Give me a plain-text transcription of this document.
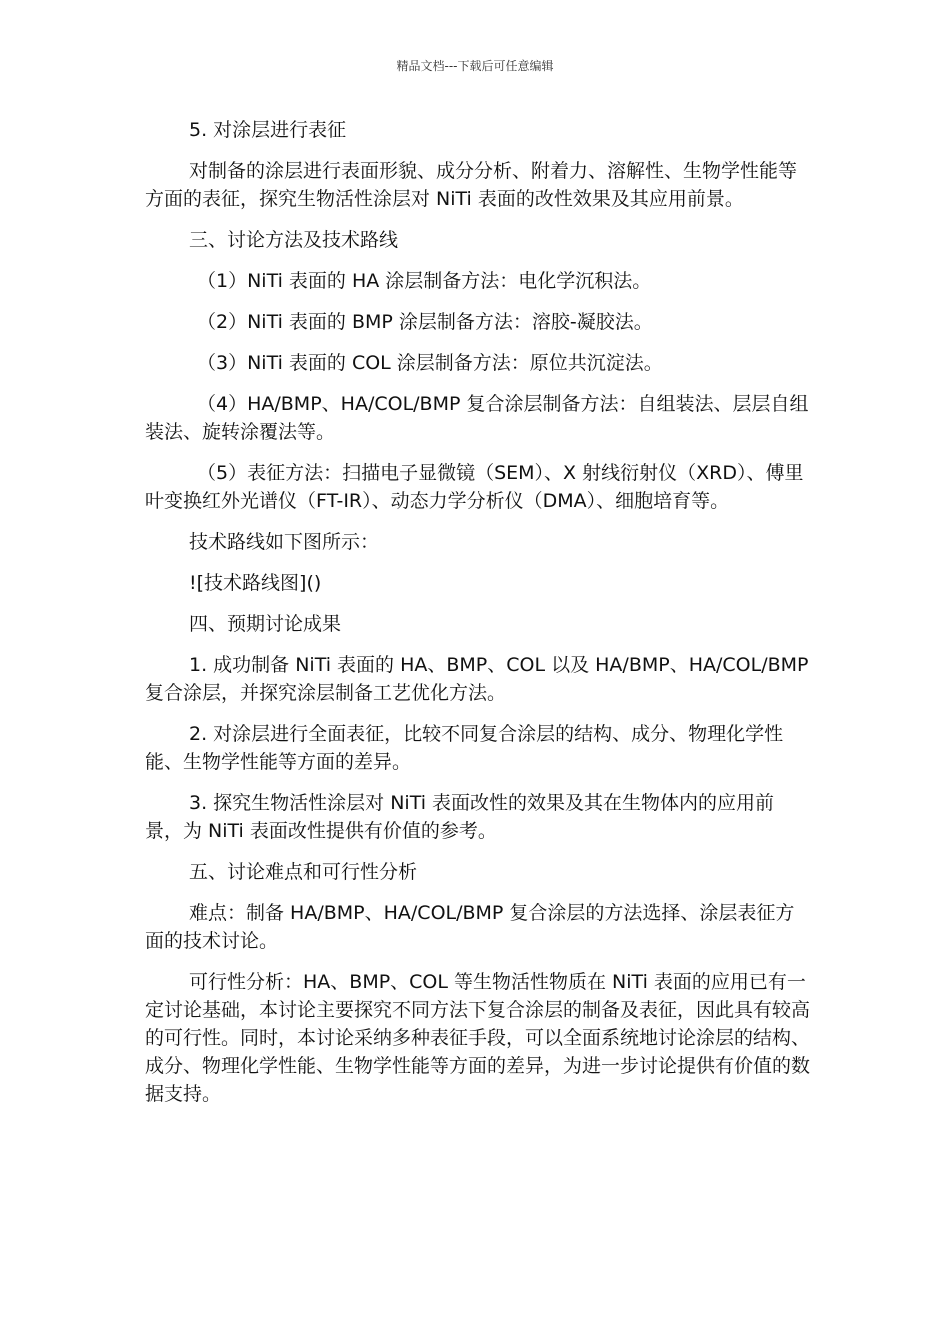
精品文档---下载后可任意编辑

5. 对涂层进行表征

对制备的涂层进行表面形貌、成分分析、附着力、溶解性、生物学性能等方面的表征，探究生物活性涂层对 NiTi 表面的改性效果及其应用前景。

三、讨论方法及技术路线

（1）NiTi 表面的 HA 涂层制备方法：电化学沉积法。

（2）NiTi 表面的 BMP 涂层制备方法：溶胶-凝胶法。

（3）NiTi 表面的 COL 涂层制备方法：原位共沉淀法。

（4）HA/BMP、HA/COL/BMP 复合涂层制备方法：自组装法、层层自组装法、旋转涂覆法等。

（5）表征方法：扫描电子显微镜（SEM）、X 射线衍射仪（XRD）、傅里叶变换红外光谱仪（FT-IR）、动态力学分析仪（DMA）、细胞培育等。

技术路线如下图所示：

![技术路线图]()

四、预期讨论成果

1. 成功制备 NiTi 表面的 HA、BMP、COL 以及 HA/BMP、HA/COL/BMP 复合涂层，并探究涂层制备工艺优化方法。

2. 对涂层进行全面表征，比较不同复合涂层的结构、成分、物理化学性能、生物学性能等方面的差异。

3. 探究生物活性涂层对 NiTi 表面改性的效果及其在生物体内的应用前景，为 NiTi 表面改性提供有价值的参考。

五、讨论难点和可行性分析

难点：制备 HA/BMP、HA/COL/BMP 复合涂层的方法选择、涂层表征方面的技术讨论。

可行性分析：HA、BMP、COL 等生物活性物质在 NiTi 表面的应用已有一定讨论基础，本讨论主要探究不同方法下复合涂层的制备及表征，因此具有较高的可行性。同时，本讨论采纳多种表征手段，可以全面系统地讨论涂层的结构、成分、物理化学性能、生物学性能等方面的差异，为进一步讨论提供有价值的数据支持。
